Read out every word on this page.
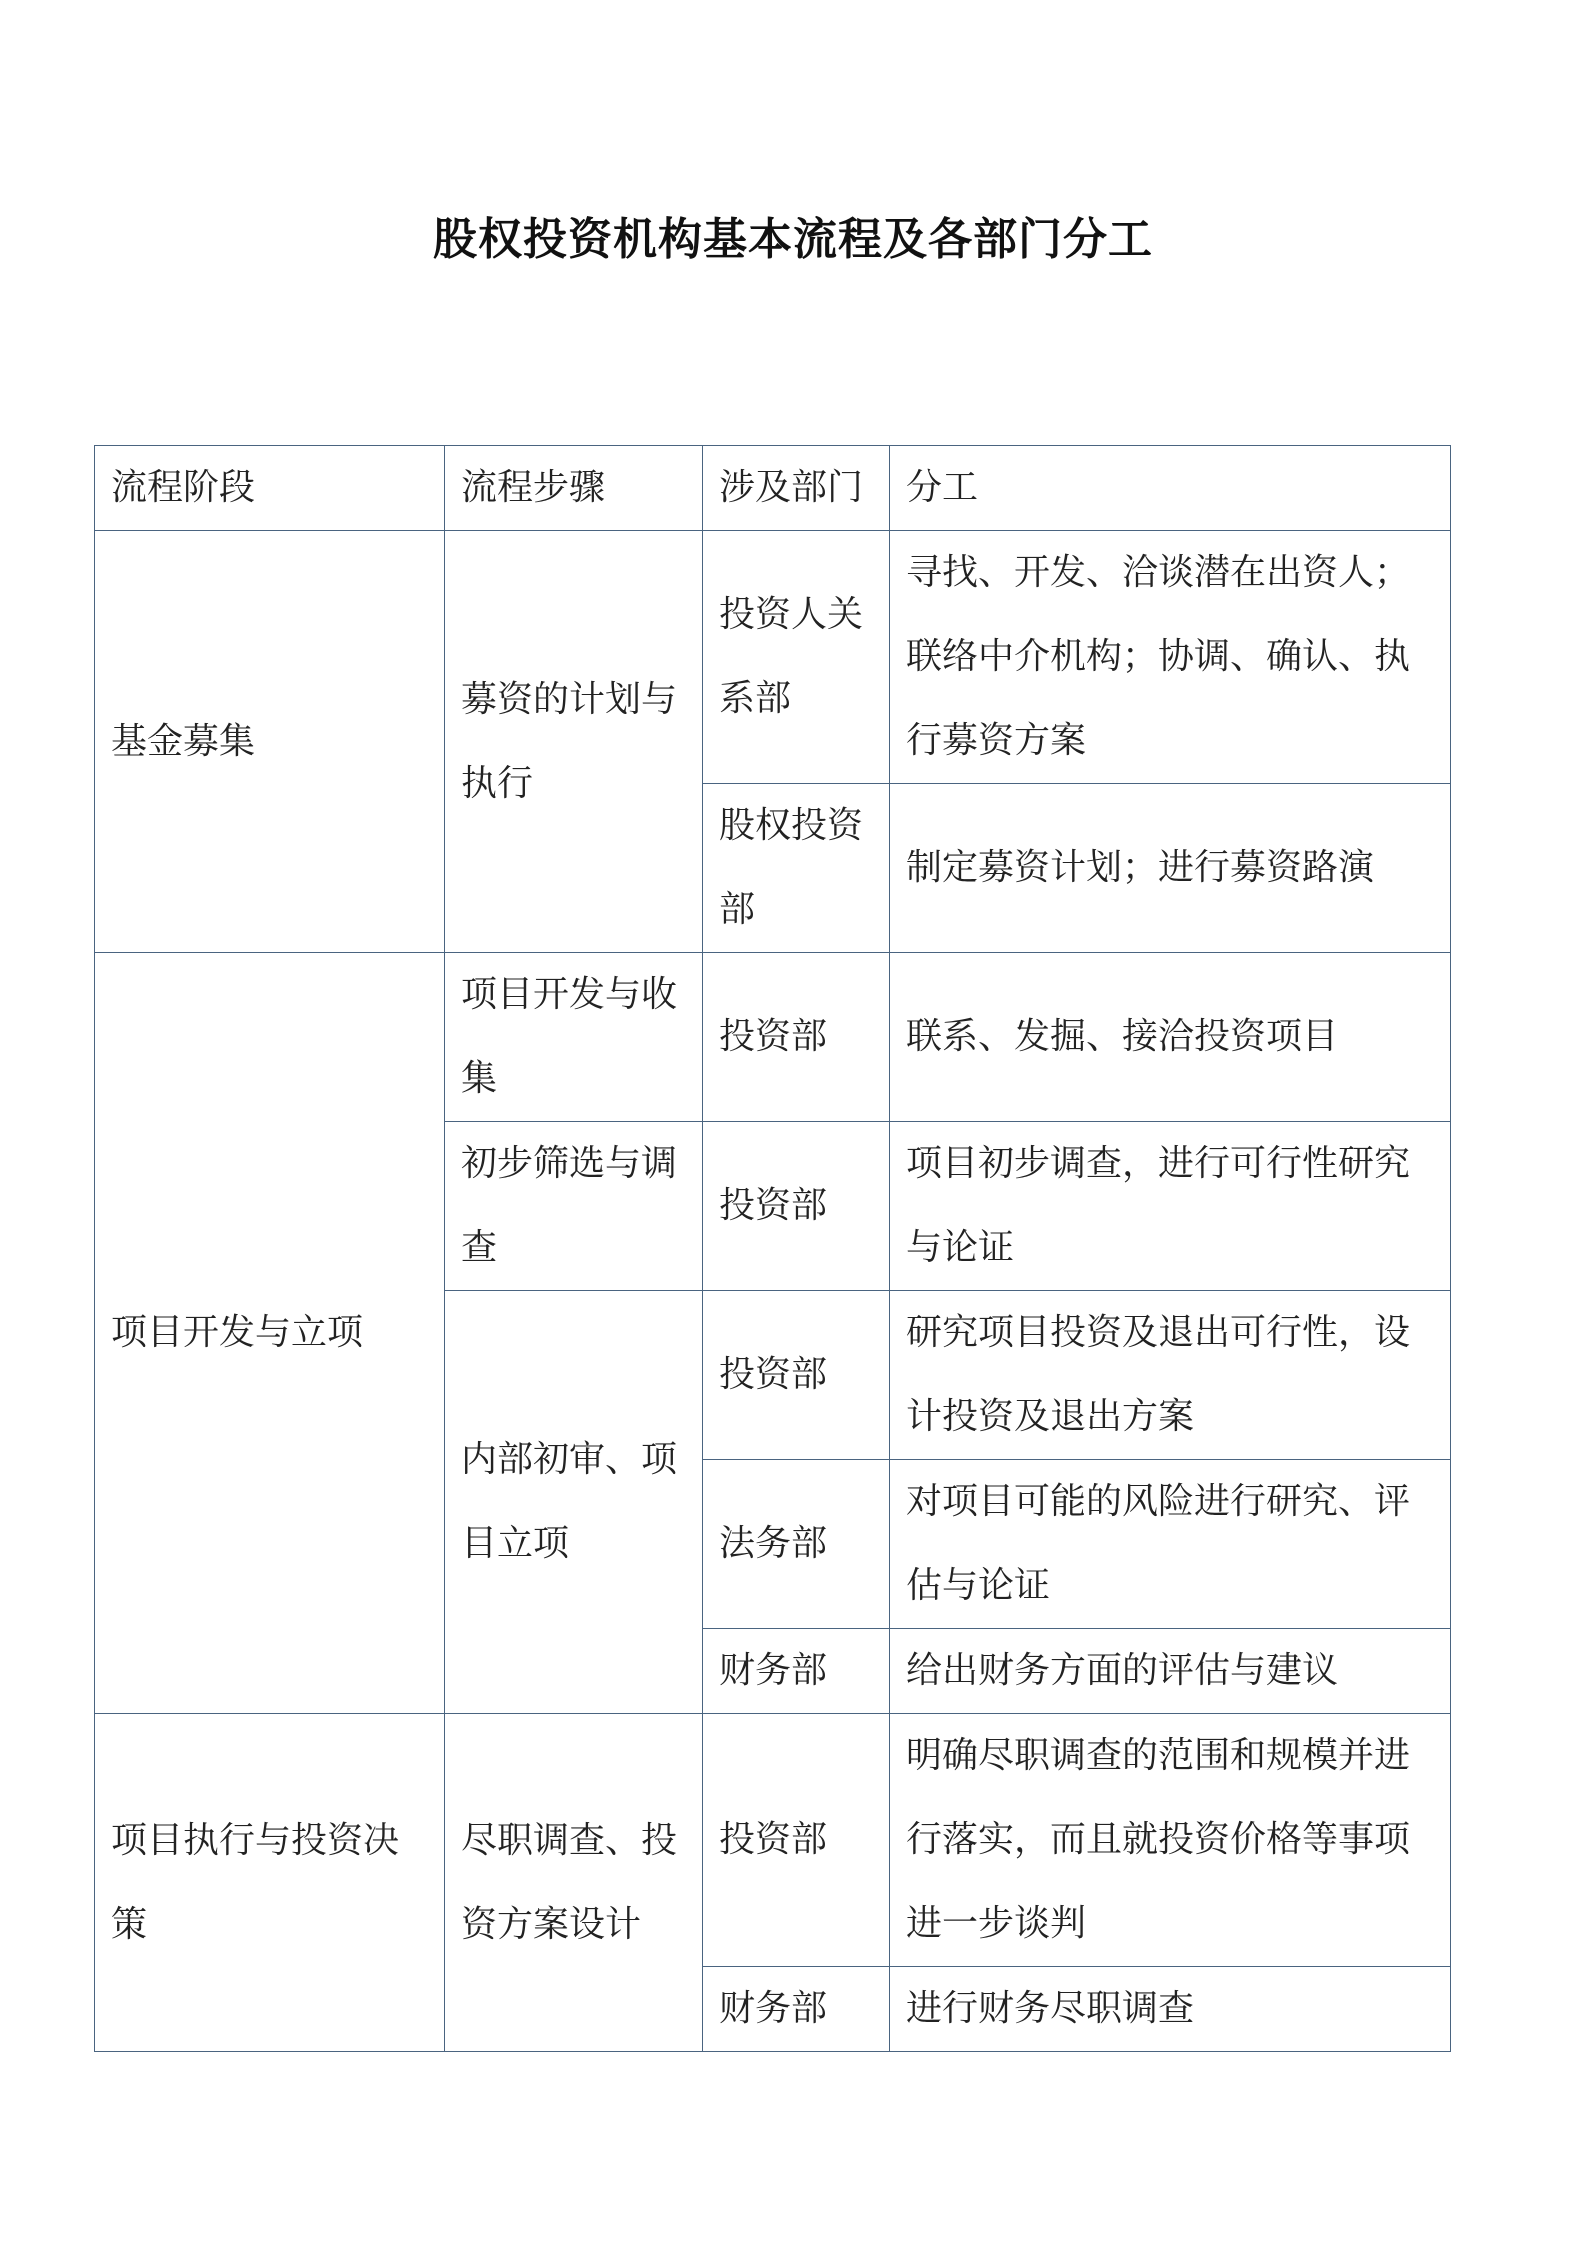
股权投资机构基本流程及各部门分工
流程阶段	流程步骤	涉及部门	分工
基金募集	募资的计划与执行	投资人关系部	寻找、开发、洽谈潜在出资人；联络中介机构；协调、确认、执行募资方案
		股权投资部	制定募资计划；进行募资路演
项目开发与立项	项目开发与收集	投资部	联系、发掘、接洽投资项目
	初步筛选与调查	投资部	项目初步调查，进行可行性研究与论证
	内部初审、项目立项	投资部	研究项目投资及退出可行性，设计投资及退出方案
		法务部	对项目可能的风险进行研究、评估与论证
		财务部	给出财务方面的评估与建议
项目执行与投资决策	尽职调查、投资方案设计	投资部	明确尽职调查的范围和规模并进行落实，而且就投资价格等事项进一步谈判
		财务部	进行财务尽职调查
